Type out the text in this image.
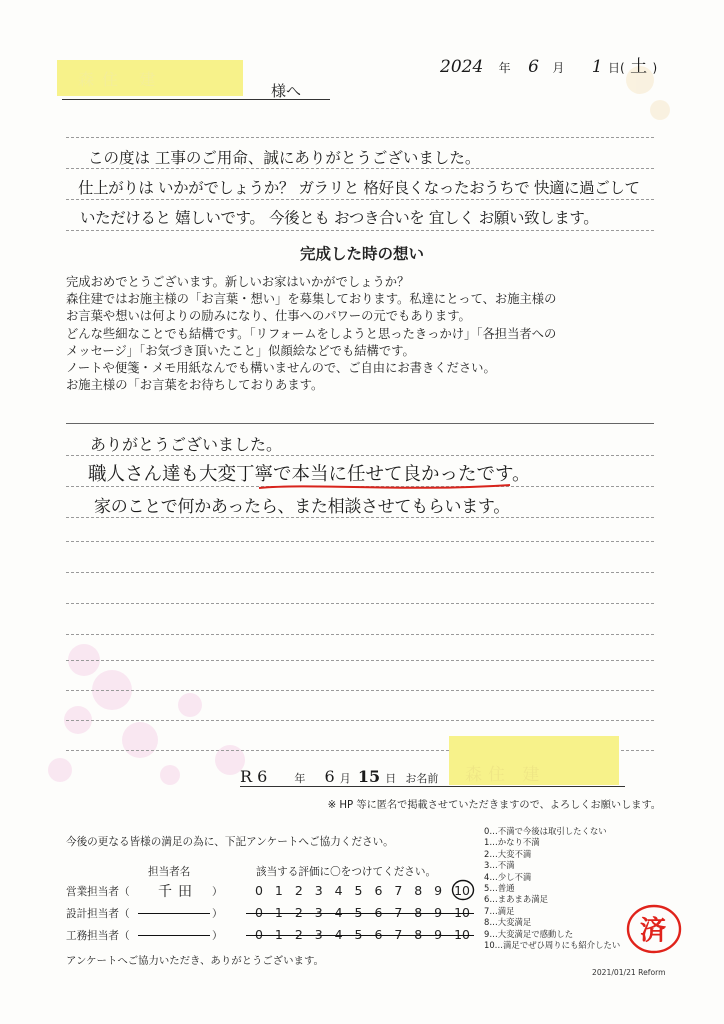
2024 年 6 月 1 日( 土 )
森住 建
様へ
この度は 工事のご用命、誠にありがとうございました。
仕上がりは いかがでしょうか？ ガラリと 格好良くなったおうちで 快適に過ごして
いただけると 嬉しいです。 今後とも おつき合いを 宜しく お願い致します。
完成した時の想い
完成おめでとうございます。新しいお家はいかがでしょうか？
森住建ではお施主様の「お言葉・想い」を募集しております。私達にとって、お施主様の
お言葉や想いは何よりの励みになり、仕事へのパワーの元でもあります。
どんな些細なことでも結構です。「リフォームをしようと思ったきっかけ」「各担当者への
メッセージ」「お気づき頂いたこと」似顔絵などでも結構です。
ノートや便箋・メモ用紙なんでも構いませんので、ご自由にお書きください。
お施主様の「お言葉をお待ちしておりあます。
ありがとうございました。
職人さん達も大変丁寧で本当に任せて良かったです。
家のことで何かあったら、また相談させてもらいます。
森住 建
R 6 年 6 月 15 日 お名前
※ HP 等に匿名で掲載させていただきますので、よろしくお願いします。
今後の更なる皆様の満足の為に、下記アンケートへご協力ください。
担当者名	該当する評価に〇をつけてください。
営業担当者（ 千田 ）	0 1 2 3 4 5 6 7 8 9 10
設計担当者（	）	0 1 2 3 4 5 6 7 8 9 10
工務担当者（	）	0 1 2 3 4 5 6 7 8 9 10
アンケートへご協力いただき、ありがとうございます。
0…不満で今後は取引したくない
1…かなり不満
2…大変不満
3…不満
4…少し不満
5…普通
6…まあまあ満足
7…満足
8…大変満足
9…大変満足で感動した
10…満足でぜひ周りにも紹介したい 済
2021/01/21 Reform
